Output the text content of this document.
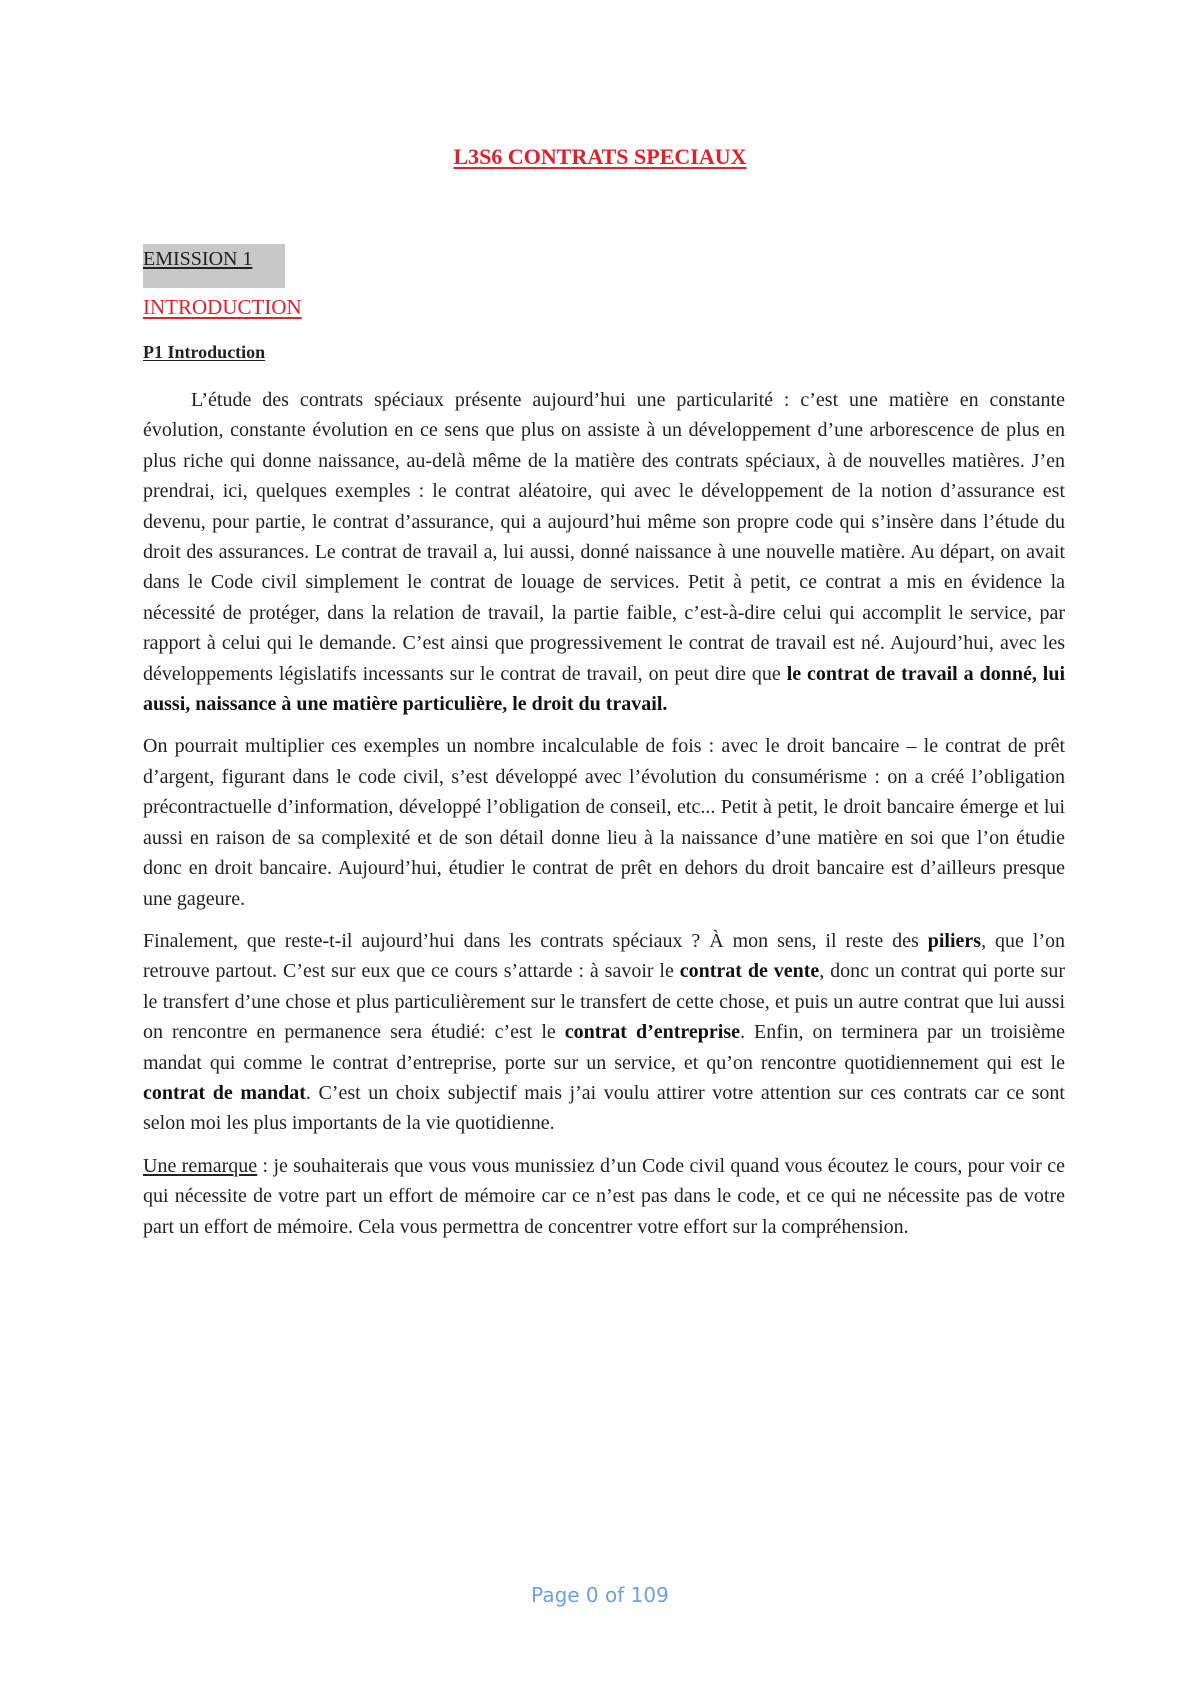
L3S6 CONTRATS SPECIAUX
EMISSION 1
INTRODUCTION
P1 Introduction

L’étude des contrats spéciaux présente aujourd’hui une particularité : c’est une matière en constante évolution, constante évolution en ce sens que plus on assiste à un développement d’une arborescence de plus en plus riche qui donne naissance, au-delà même de la matière des contrats spéciaux, à de nouvelles matières. J’en prendrai, ici, quelques exemples : le contrat aléatoire, qui avec le développement de la notion d’assurance est devenu, pour partie, le contrat d’assurance, qui a aujourd’hui même son propre code qui s’insère dans l’étude du droit des assurances. Le contrat de travail a, lui aussi, donné naissance à une nouvelle matière. Au départ, on avait dans le Code civil simplement le contrat de louage de services. Petit à petit, ce contrat a mis en évidence la nécessité de protéger, dans la relation de travail, la partie faible, c’est-à-dire celui qui accomplit le service, par rapport à celui qui le demande. C’est ainsi que progressivement le contrat de travail est né. Aujourd’hui, avec les développements législatifs incessants sur le contrat de travail, on peut dire que le contrat de travail a donné, lui aussi, naissance à une matière particulière, le droit du travail.

On pourrait multiplier ces exemples un nombre incalculable de fois : avec le droit bancaire – le contrat de prêt d’argent, figurant dans le code civil, s’est développé avec l’évolution du consumérisme : on a créé l’obligation précontractuelle d’information, développé l’obligation de conseil, etc... Petit à petit, le droit bancaire émerge et lui aussi en raison de sa complexité et de son détail donne lieu à la naissance d’une matière en soi que l’on étudie donc en droit bancaire. Aujourd’hui, étudier le contrat de prêt en dehors du droit bancaire est d’ailleurs presque une gageure.

Finalement, que reste-t-il aujourd’hui dans les contrats spéciaux ? À mon sens, il reste des piliers, que l’on retrouve partout. C’est sur eux que ce cours s’attarde : à savoir le contrat de vente, donc un contrat qui porte sur le transfert d’une chose et plus particulièrement sur le transfert de cette chose, et puis un autre contrat que lui aussi on rencontre en permanence sera étudié: c’est le contrat d’entreprise. Enfin, on terminera par un troisième mandat qui comme le contrat d’entreprise, porte sur un service, et qu’on rencontre quotidiennement qui est le contrat de mandat. C’est un choix subjectif mais j’ai voulu attirer votre attention sur ces contrats car ce sont selon moi les plus importants de la vie quotidienne.

Une remarque : je souhaiterais que vous vous munissiez d’un Code civil quand vous écoutez le cours, pour voir ce qui nécessite de votre part un effort de mémoire car ce n’est pas dans le code, et ce qui ne nécessite pas de votre part un effort de mémoire. Cela vous permettra de concentrer votre effort sur la compréhension.

Page 0 of 109
